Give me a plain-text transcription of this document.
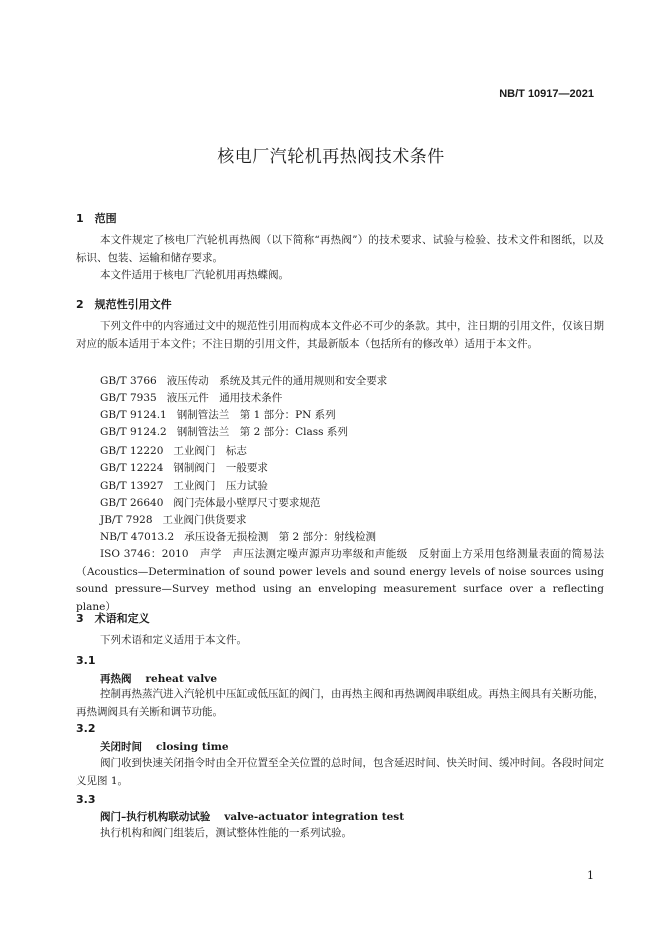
NB/T 10917—2021
核电厂汽轮机再热阀技术条件
1　范围
本文件规定了核电厂汽轮机再热阀（以下简称“再热阀”）的技术要求、试验与检验、技术文件和图纸，以及标识、包装、运输和储存要求。
本文件适用于核电厂汽轮机用再热蝶阀。
2　规范性引用文件
下列文件中的内容通过文中的规范性引用而构成本文件必不可少的条款。其中，注日期的引用文件，仅该日期对应的版本适用于本文件；不注日期的引用文件，其最新版本（包括所有的修改单）适用于本文件。
GB/T 3766 液压传动　系统及其元件的通用规则和安全要求
GB/T 7935 液压元件　通用技术条件
GB/T 9124.1 钢制管法兰　第 1 部分：PN 系列
GB/T 9124.2 钢制管法兰　第 2 部分：Class 系列
GB/T 12220 工业阀门　标志
GB/T 12224 钢制阀门　一般要求
GB/T 13927 工业阀门　压力试验
GB/T 26640 阀门壳体最小壁厚尺寸要求规范
JB/T 7928 工业阀门供货要求
NB/T 47013.2 承压设备无损检测　第 2 部分：射线检测
ISO 3746：2010　声学　声压法测定噪声源声功率级和声能级　反射面上方采用包络测量表面的简易法（Acoustics—Determination of sound power levels and sound energy levels of noise sources using sound pressure—Survey method using an enveloping measurement surface over a reflecting plane）
3　术语和定义
下列术语和定义适用于本文件。
3.1
再热阀 reheat valve
控制再热蒸汽进入汽轮机中压缸或低压缸的阀门，由再热主阀和再热调阀串联组成。再热主阀具有关断功能，再热调阀具有关断和调节功能。
3.2
关闭时间 closing time
阀门收到快速关闭指令时由全开位置至全关位置的总时间，包含延迟时间、快关时间、缓冲时间。各段时间定义见图 1。
3.3
阀门–执行机构联动试验 valve-actuator integration test
执行机构和阀门组装后，测试整体性能的一系列试验。
1
